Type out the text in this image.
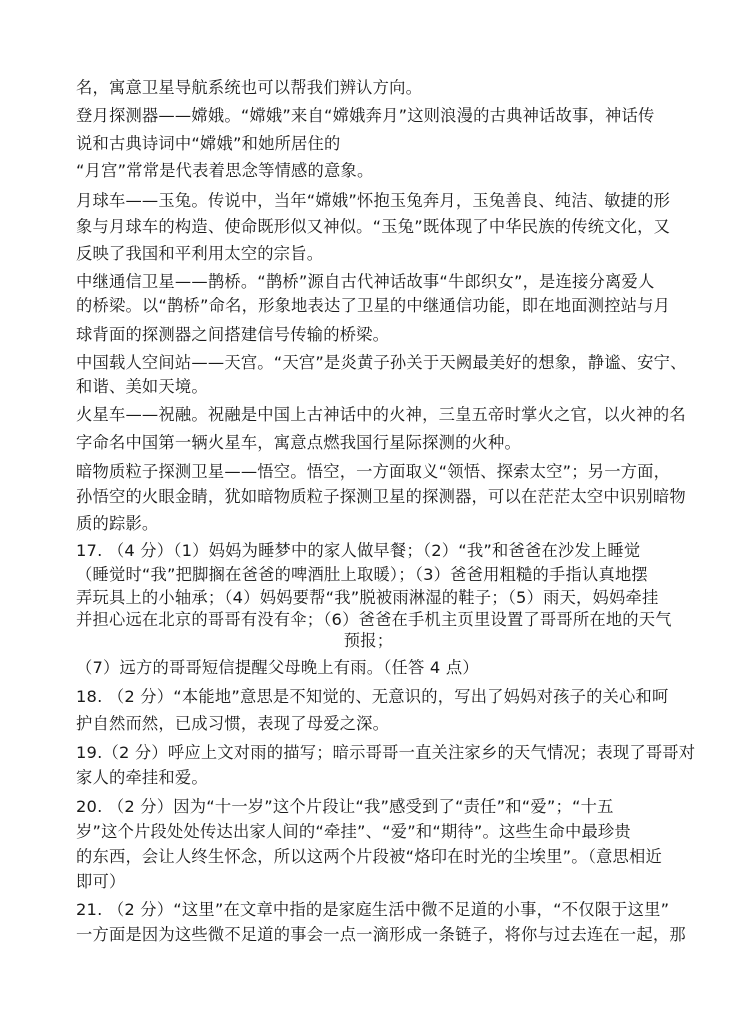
名，寓意卫星导航系统也可以帮我们辨认方向。
登月探测器——嫦娥。“嫦娥”来自“嫦娥奔月”这则浪漫的古典神话故事，神话传
说和古典诗词中“嫦娥”和她所居住的
“月宫”常常是代表着思念等情感的意象。
月球车——玉兔。传说中，当年“嫦娥”怀抱玉兔奔月，玉兔善良、纯洁、敏捷的形
象与月球车的构造、使命既形似又神似。“玉兔”既体现了中华民族的传统文化，又
反映了我国和平利用太空的宗旨。
中继通信卫星——鹊桥。“鹊桥”源自古代神话故事“牛郎织女”，是连接分离爱人
的桥梁。以“鹊桥”命名，形象地表达了卫星的中继通信功能，即在地面测控站与月
球背面的探测器之间搭建信号传输的桥梁。
中国载人空间站——天宫。“天宫”是炎黄子孙关于天阙最美好的想象，静谧、安宁、
和谐、美如天境。
火星车——祝融。祝融是中国上古神话中的火神，三皇五帝时掌火之官，以火神的名
字命名中国第一辆火星车，寓意点燃我国行星际探测的火种。
暗物质粒子探测卫星——悟空。悟空，一方面取义“领悟、探索太空”；另一方面，
孙悟空的火眼金睛，犹如暗物质粒子探测卫星的探测器，可以在茫茫太空中识别暗物
质的踪影。
17. （4 分）（1）妈妈为睡梦中的家人做早餐；（2）“我”和爸爸在沙发上睡觉
（睡觉时“我”把脚搁在爸爸的啤酒肚上取暖）；（3）爸爸用粗糙的手指认真地摆
弄玩具上的小轴承；（4）妈妈要帮“我”脱被雨淋湿的鞋子；（5）雨天，妈妈牵挂
并担心远在北京的哥哥有没有伞；（6）爸爸在手机主页里设置了哥哥所在地的天气
预报；
（7）远方的哥哥短信提醒父母晚上有雨。（任答 4 点）
18. （2 分）“本能地”意思是不知觉的、无意识的，写出了妈妈对孩子的关心和呵
护自然而然，已成习惯，表现了母爱之深。
19.（2 分）呼应上文对雨的描写；暗示哥哥一直关注家乡的天气情况；表现了哥哥对
家人的牵挂和爱。
20. （2 分）因为“十一岁”这个片段让“我”感受到了“责任”和“爱”；“十五
岁”这个片段处处传达出家人间的“牵挂”、“爱”和“期待”。这些生命中最珍贵
的东西，会让人终生怀念，所以这两个片段被“烙印在时光的尘埃里”。（意思相近
即可）
21. （2 分）“这里”在文章中指的是家庭生活中微不足道的小事，“不仅限于这里”
一方面是因为这些微不足道的事会一点一滴形成一条链子，将你与过去连在一起，那
